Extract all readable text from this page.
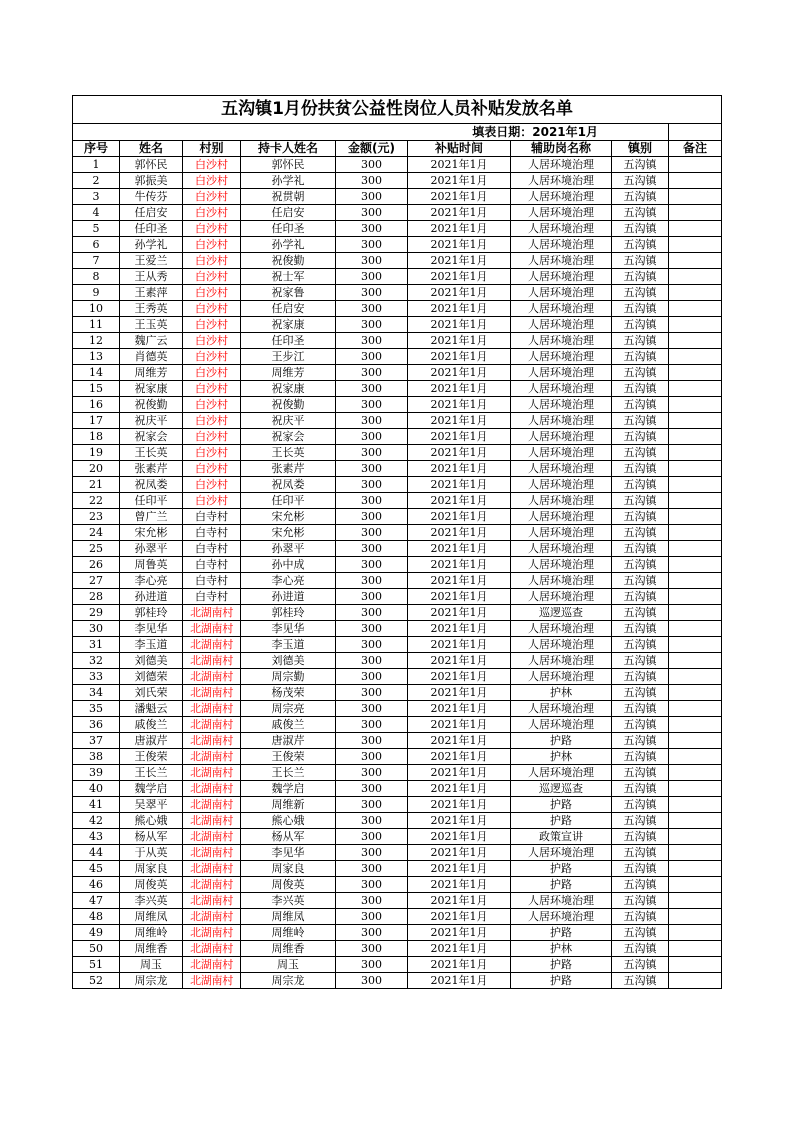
五沟镇1月份扶贫公益性岗位人员补贴发放名单								
填表日期：2021年1月								
序号	姓名	村别	持卡人姓名	金额(元)	补贴时间	辅助岗名称	镇别	备注
1	郭怀民	白沙村	郭怀民	300	2021年1月	人居环境治理	五沟镇	
2	郭振美	白沙村	孙学礼	300	2021年1月	人居环境治理	五沟镇	
3	牛传芬	白沙村	祝贯朝	300	2021年1月	人居环境治理	五沟镇	
4	任启安	白沙村	任启安	300	2021年1月	人居环境治理	五沟镇	
5	任印圣	白沙村	任印圣	300	2021年1月	人居环境治理	五沟镇	
6	孙学礼	白沙村	孙学礼	300	2021年1月	人居环境治理	五沟镇	
7	王爱兰	白沙村	祝俊勤	300	2021年1月	人居环境治理	五沟镇	
8	王从秀	白沙村	祝士军	300	2021年1月	人居环境治理	五沟镇	
9	王素萍	白沙村	祝家鲁	300	2021年1月	人居环境治理	五沟镇	
10	王秀英	白沙村	任启安	300	2021年1月	人居环境治理	五沟镇	
11	王玉英	白沙村	祝家康	300	2021年1月	人居环境治理	五沟镇	
12	魏广云	白沙村	任印圣	300	2021年1月	人居环境治理	五沟镇	
13	肖德英	白沙村	王步江	300	2021年1月	人居环境治理	五沟镇	
14	周维芳	白沙村	周维芳	300	2021年1月	人居环境治理	五沟镇	
15	祝家康	白沙村	祝家康	300	2021年1月	人居环境治理	五沟镇	
16	祝俊勤	白沙村	祝俊勤	300	2021年1月	人居环境治理	五沟镇	
17	祝庆平	白沙村	祝庆平	300	2021年1月	人居环境治理	五沟镇	
18	祝家会	白沙村	祝家会	300	2021年1月	人居环境治理	五沟镇	
19	王长英	白沙村	王长英	300	2021年1月	人居环境治理	五沟镇	
20	张素芹	白沙村	张素芹	300	2021年1月	人居环境治理	五沟镇	
21	祝凤娄	白沙村	祝凤娄	300	2021年1月	人居环境治理	五沟镇	
22	任印平	白沙村	任印平	300	2021年1月	人居环境治理	五沟镇	
23	曾广兰	白寺村	宋允彬	300	2021年1月	人居环境治理	五沟镇	
24	宋允彬	白寺村	宋允彬	300	2021年1月	人居环境治理	五沟镇	
25	孙翠平	白寺村	孙翠平	300	2021年1月	人居环境治理	五沟镇	
26	周鲁英	白寺村	孙中成	300	2021年1月	人居环境治理	五沟镇	
27	李心亮	白寺村	李心亮	300	2021年1月	人居环境治理	五沟镇	
28	孙进道	白寺村	孙进道	300	2021年1月	人居环境治理	五沟镇	
29	郭桂玲	北湖南村	郭桂玲	300	2021年1月	巡逻巡查	五沟镇	
30	李见华	北湖南村	李见华	300	2021年1月	人居环境治理	五沟镇	
31	李玉道	北湖南村	李玉道	300	2021年1月	人居环境治理	五沟镇	
32	刘德美	北湖南村	刘德美	300	2021年1月	人居环境治理	五沟镇	
33	刘德荣	北湖南村	周宗勤	300	2021年1月	人居环境治理	五沟镇	
34	刘氏荣	北湖南村	杨茂荣	300	2021年1月	护林	五沟镇	
35	潘魁云	北湖南村	周宗亮	300	2021年1月	人居环境治理	五沟镇	
36	戚俊兰	北湖南村	戚俊兰	300	2021年1月	人居环境治理	五沟镇	
37	唐淑芹	北湖南村	唐淑芹	300	2021年1月	护路	五沟镇	
38	王俊荣	北湖南村	王俊荣	300	2021年1月	护林	五沟镇	
39	王长兰	北湖南村	王长兰	300	2021年1月	人居环境治理	五沟镇	
40	魏学启	北湖南村	魏学启	300	2021年1月	巡逻巡查	五沟镇	
41	吴翠平	北湖南村	周维新	300	2021年1月	护路	五沟镇	
42	熊心娥	北湖南村	熊心娥	300	2021年1月	护路	五沟镇	
43	杨从军	北湖南村	杨从军	300	2021年1月	政策宣讲	五沟镇	
44	于从英	北湖南村	李见华	300	2021年1月	人居环境治理	五沟镇	
45	周家良	北湖南村	周家良	300	2021年1月	护路	五沟镇	
46	周俊英	北湖南村	周俊英	300	2021年1月	护路	五沟镇	
47	李兴英	北湖南村	李兴英	300	2021年1月	人居环境治理	五沟镇	
48	周维凤	北湖南村	周维凤	300	2021年1月	人居环境治理	五沟镇	
49	周维岭	北湖南村	周维岭	300	2021年1月	护路	五沟镇	
50	周维香	北湖南村	周维香	300	2021年1月	护林	五沟镇	
51	周玉	北湖南村	周玉	300	2021年1月	护路	五沟镇	
52	周宗龙	北湖南村	周宗龙	300	2021年1月	护路	五沟镇	
